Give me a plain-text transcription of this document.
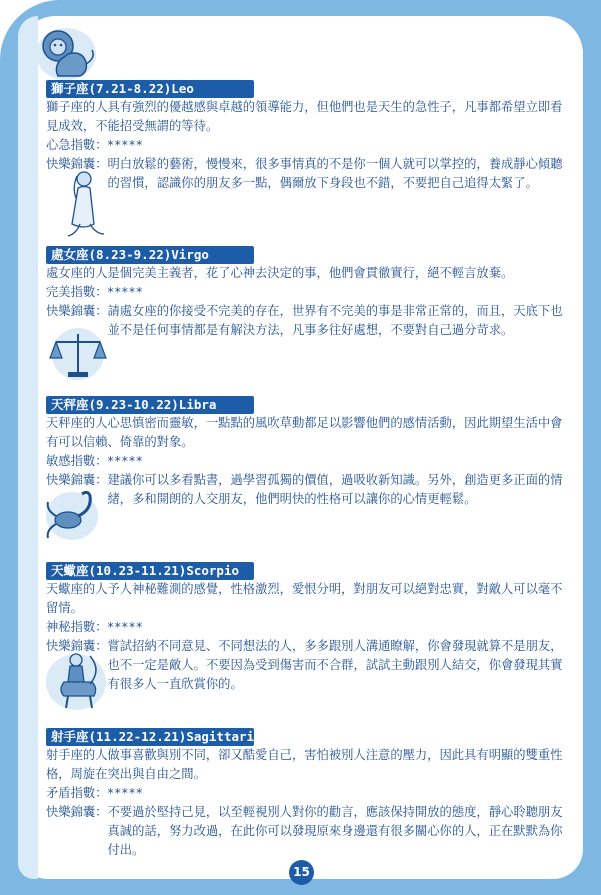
獅子座(7.21-8.22)Leo

獅子座的人具有強烈的優越感與卓越的領導能力，但他們也是天生的急性子，凡事都希望立即看見成效，不能招受無謂的等待。

心急指數： *****
快樂錦囊： 明白放鬆的藝術，慢慢來，很多事情真的不是你一個人就可以掌控的，養成靜心傾聽的習慣，認識你的朋友多一點，偶爾放下身段也不錯，不要把自己追得太緊了。
處女座(8.23-9.22)Virgo

處女座的人是個完美主義者，花了心神去決定的事，他們會貫徹實行，絕不輕言放棄。

完美指數： *****
快樂錦囊： 請處女座的你接受不完美的存在，世界有不完美的事是非常正常的，而且，天底下也並不是任何事情都是有解決方法，凡事多往好處想，不要對自己過分苛求。
天秤座(9.23-10.22)Libra

天秤座的人心思慎密而靈敏，一點點的風吹草動都足以影響他們的感情活動，因此期望生活中會有可以信賴、倚靠的對象。

敏感指數： *****
快樂錦囊： 建議你可以多看點書，過學習孤獨的價值，過吸收新知識。另外，創造更多正面的情緒，多和開朗的人交朋友，他們明快的性格可以讓你的心情更輕鬆。
天蠍座(10.23-11.21)Scorpio

天蠍座的人予人神秘難測的感覺，性格激烈，愛恨分明，對朋友可以絕對忠實，對敵人可以毫不留情。

神秘指數： *****
快樂錦囊： 嘗試招納不同意見、不同想法的人，多多跟別人溝通瞭解，你會發現就算不是朋友，也不一定是敵人。不要因為受到傷害而不合群，試試主動跟別人結交，你會發現其實有很多人一直欣賞你的。
射手座(11.22-12.21)Sagittari

射手座的人做事喜歡與別不同，卻又酷愛自己，害怕被別人注意的壓力，因此具有明顯的雙重性格，周旋在突出與自由之間。

矛盾指數： *****
快樂錦囊： 不要過於堅持己見，以至輕視別人對你的勸言，應該保持開放的態度，靜心聆聽朋友真誠的話，努力改過，在此你可以發現原來身邊還有很多關心你的人，正在默默為你付出。
15
